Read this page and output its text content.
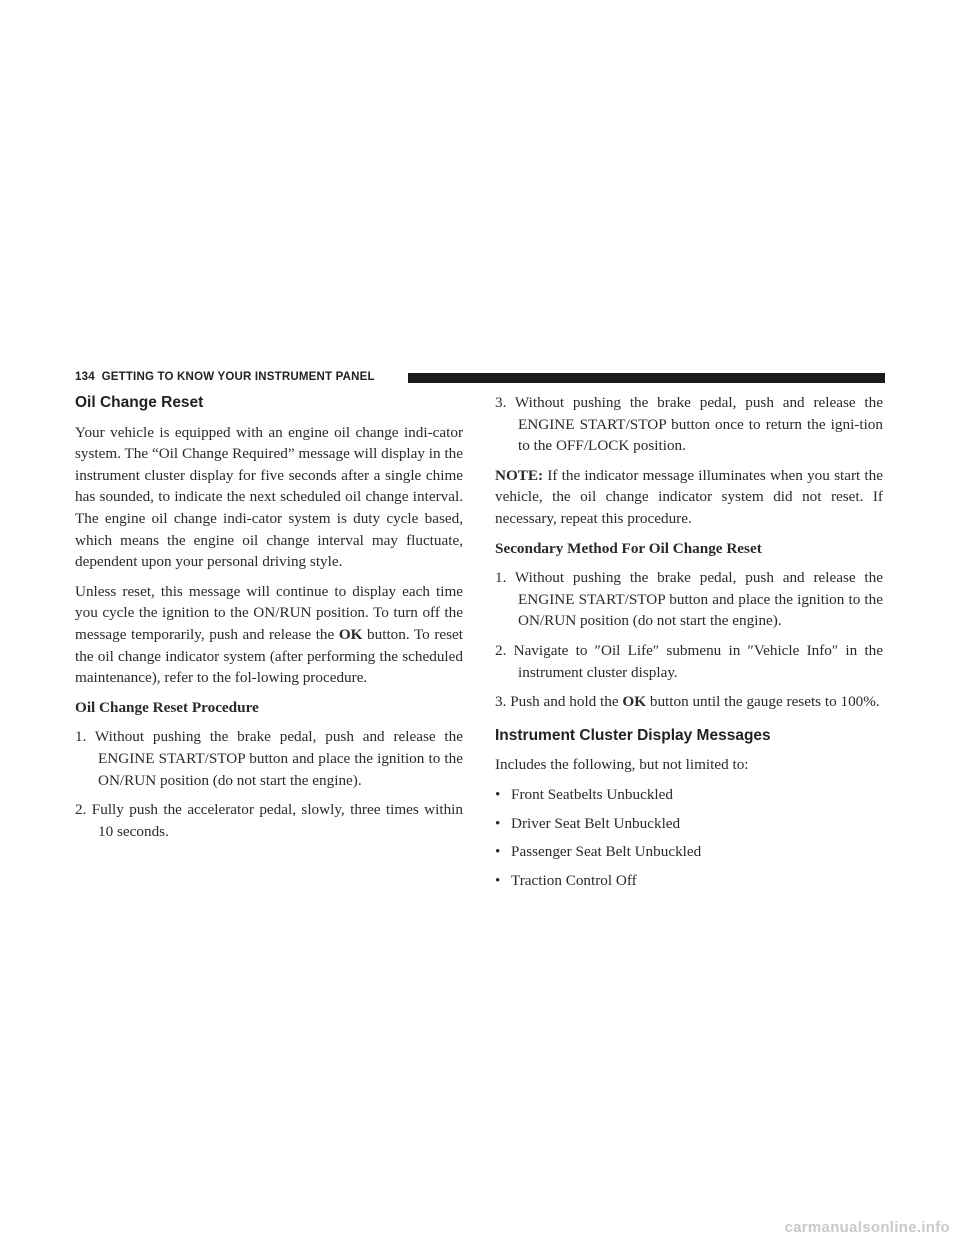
134 GETTING TO KNOW YOUR INSTRUMENT PANEL
Oil Change Reset

Your vehicle is equipped with an engine oil change indi-cator system. The “Oil Change Required” message will display in the instrument cluster display for five seconds after a single chime has sounded, to indicate the next scheduled oil change interval. The engine oil change indi-cator system is duty cycle based, which means the engine oil change interval may fluctuate, dependent upon your personal driving style.

Unless reset, this message will continue to display each time you cycle the ignition to the ON/RUN position. To turn off the message temporarily, push and release the OK button. To reset the oil change indicator system (after performing the scheduled maintenance), refer to the fol-lowing procedure.

Oil Change Reset Procedure
1. Without pushing the brake pedal, push and release the ENGINE START/STOP button and place the ignition to the ON/RUN position (do not start the engine).
2. Fully push the accelerator pedal, slowly, three times within 10 seconds.
3. Without pushing the brake pedal, push and release the ENGINE START/STOP button once to return the igni-tion to the OFF/LOCK position.

NOTE: If the indicator message illuminates when you start the vehicle, the oil change indicator system did not reset. If necessary, repeat this procedure.

Secondary Method For Oil Change Reset
1. Without pushing the brake pedal, push and release the ENGINE START/STOP button and place the ignition to the ON/RUN position (do not start the engine).
2. Navigate to ″Oil Life″ submenu in ″Vehicle Info″ in the instrument cluster display.
3. Push and hold the OK button until the gauge resets to 100%.
Instrument Cluster Display Messages

Includes the following, but not limited to:

• Front Seatbelts Unbuckled
• Driver Seat Belt Unbuckled
• Passenger Seat Belt Unbuckled
• Traction Control Off
carmanualsonline.info
